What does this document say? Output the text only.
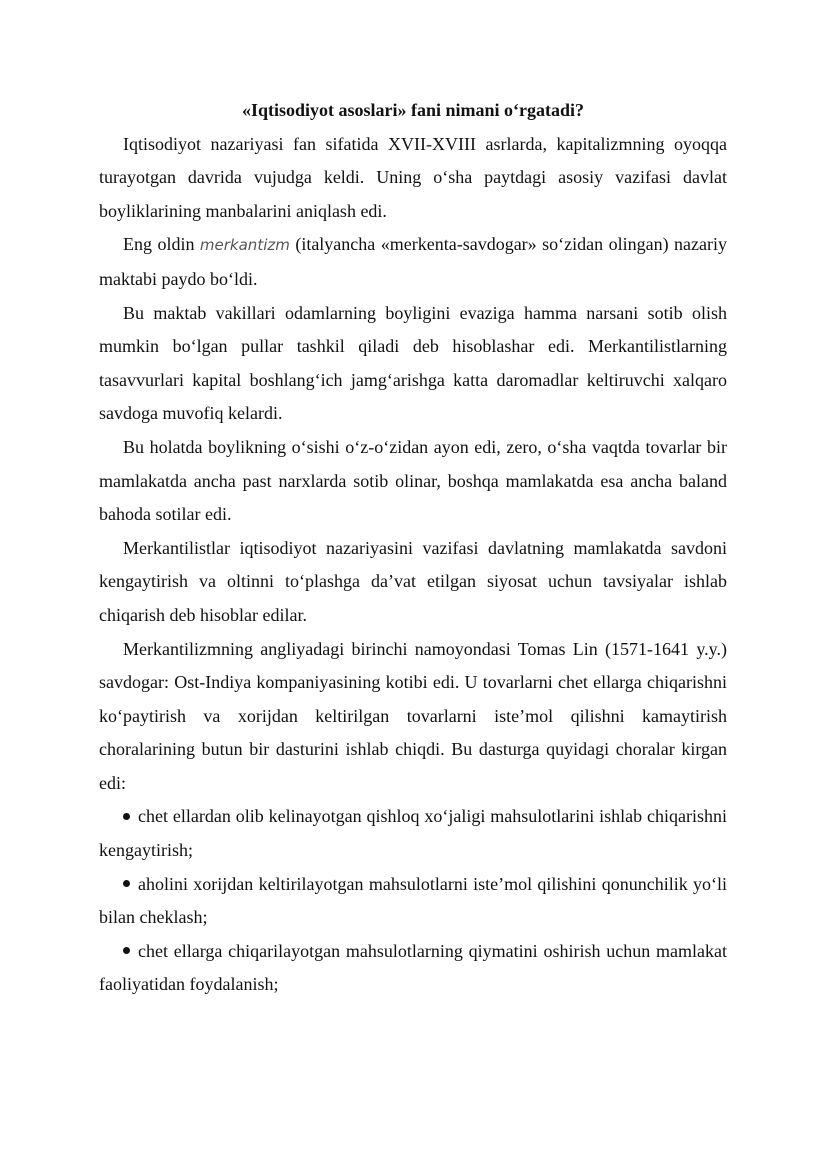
«Iqtisodiyot asoslari» fani nimani o‘rgatadi?

Iqtisodiyot nazariyasi fan sifatida XVII-XVIII asrlarda, kapitalizmning oyoqqa turayotgan davrida vujudga keldi. Uning o‘sha paytdagi asosiy vazifasi davlat boyliklarining manbalarini aniqlash edi.

Eng oldin merkantizm (italyancha «merkenta-savdogar» so‘zidan olingan) nazariy maktabi paydo bo‘ldi.

Bu maktab vakillari odamlarning boyligini evaziga hamma narsani sotib olish mumkin bo‘lgan pullar tashkil qiladi deb hisoblashar edi. Merkantilistlarning tasavvurlari kapital boshlang‘ich jamg‘arishga katta daromadlar keltiruvchi xalqaro savdoga muvofiq kelardi.

Bu holatda boylikning o‘sishi o‘z-o‘zidan ayon edi, zero, o‘sha vaqtda tovarlar bir mamlakatda ancha past narxlarda sotib olinar, boshqa mamlakatda esa ancha baland bahoda sotilar edi.

Merkantilistlar iqtisodiyot nazariyasini vazifasi davlatning mamlakatda savdoni kengaytirish va oltinni to‘plashga da’vat etilgan siyosat uchun tavsiyalar ishlab chiqarish deb hisoblar edilar.

Merkantilizmning angliyadagi birinchi namoyondasi Tomas Lin (1571-1641 y.y.) savdogar: Ost-Indiya kompaniyasining kotibi edi. U tovarlarni chet ellarga chiqarishni ko‘paytirish va xorijdan keltirilgan tovarlarni iste’mol qilishni kamaytirish choralarining butun bir dasturini ishlab chiqdi. Bu dasturga quyidagi choralar kirgan edi:

chet ellardan olib kelinayotgan qishloq xo‘jaligi mahsulotlarini ishlab chiqarishni kengaytirish;

aholini xorijdan keltirilayotgan mahsulotlarni iste’mol qilishini qonunchilik yo‘li bilan cheklash;

chet ellarga chiqarilayotgan mahsulotlarning qiymatini oshirish uchun mamlakat faoliyatidan foydalanish;
